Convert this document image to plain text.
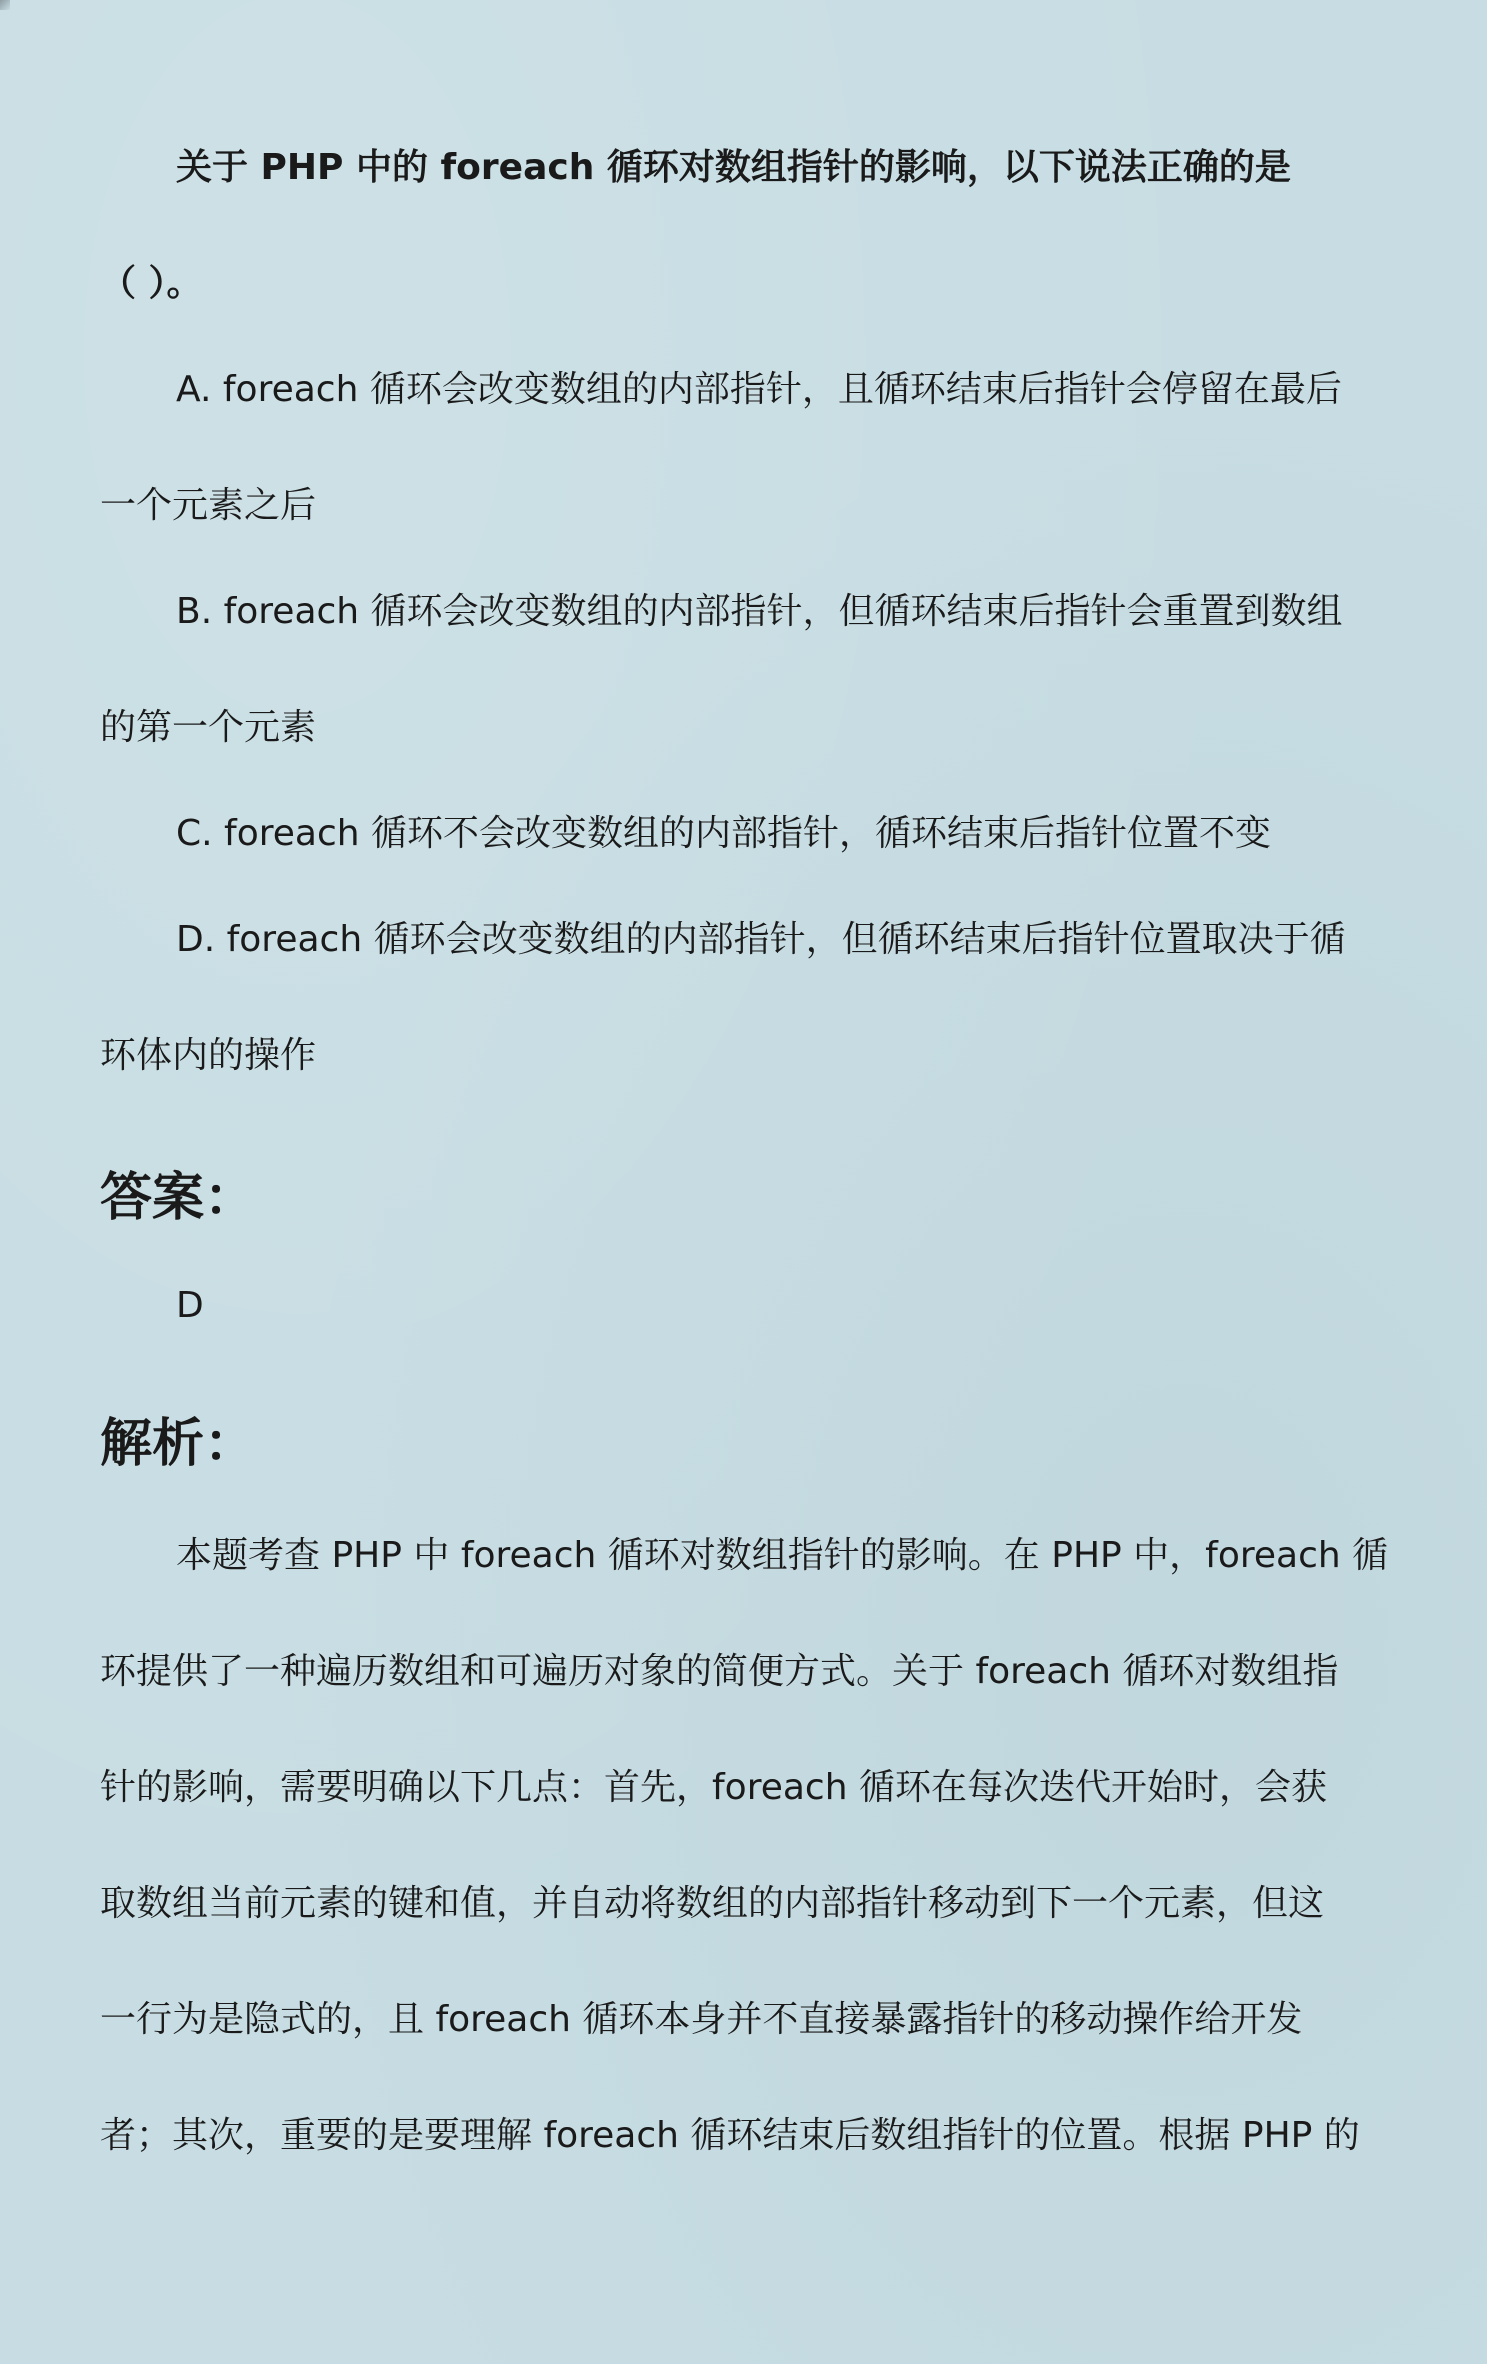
关于 PHP 中的 foreach 循环对数组指针的影响，以下说法正确的是
（ ）。
A. foreach 循环会改变数组的内部指针，且循环结束后指针会停留在最后
一个元素之后
B. foreach 循环会改变数组的内部指针，但循环结束后指针会重置到数组
的第一个元素
C. foreach 循环不会改变数组的内部指针，循环结束后指针位置不变
D. foreach 循环会改变数组的内部指针，但循环结束后指针位置取决于循
环体内的操作
答案：
D
解析：
本题考查 PHP 中 foreach 循环对数组指针的影响。在 PHP 中，foreach 循
环提供了一种遍历数组和可遍历对象的简便方式。关于 foreach 循环对数组指
针的影响，需要明确以下几点：首先，foreach 循环在每次迭代开始时，会获
取数组当前元素的键和值，并自动将数组的内部指针移动到下一个元素，但这
一行为是隐式的，且 foreach 循环本身并不直接暴露指针的移动操作给开发
者；其次，重要的是要理解 foreach 循环结束后数组指针的位置。根据 PHP 的
